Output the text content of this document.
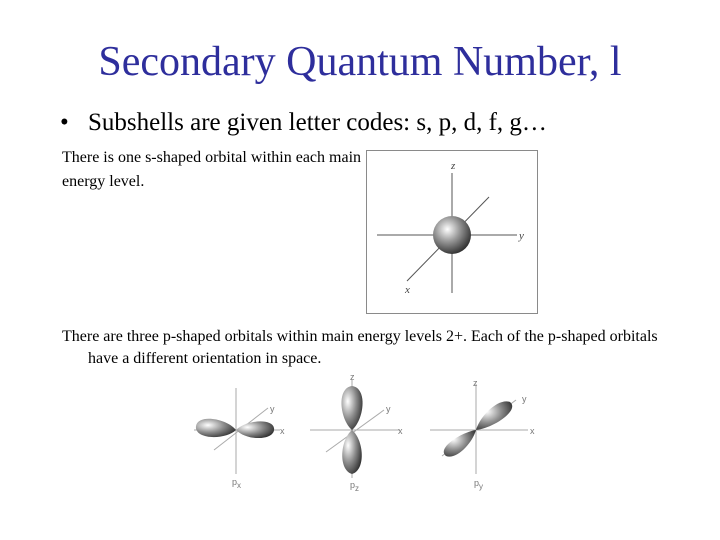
Secondary Quantum Number, l
• Subshells are given letter codes: s, p, d, f, g…
There is one s-shaped orbital within each main energy level.
z
y
x
There are three p-shaped orbitals within main energy levels 2+. Each of the p-shaped orbitals have a different orientation in space.
y
x
px
z
y
x
pz
z
y
x
py
